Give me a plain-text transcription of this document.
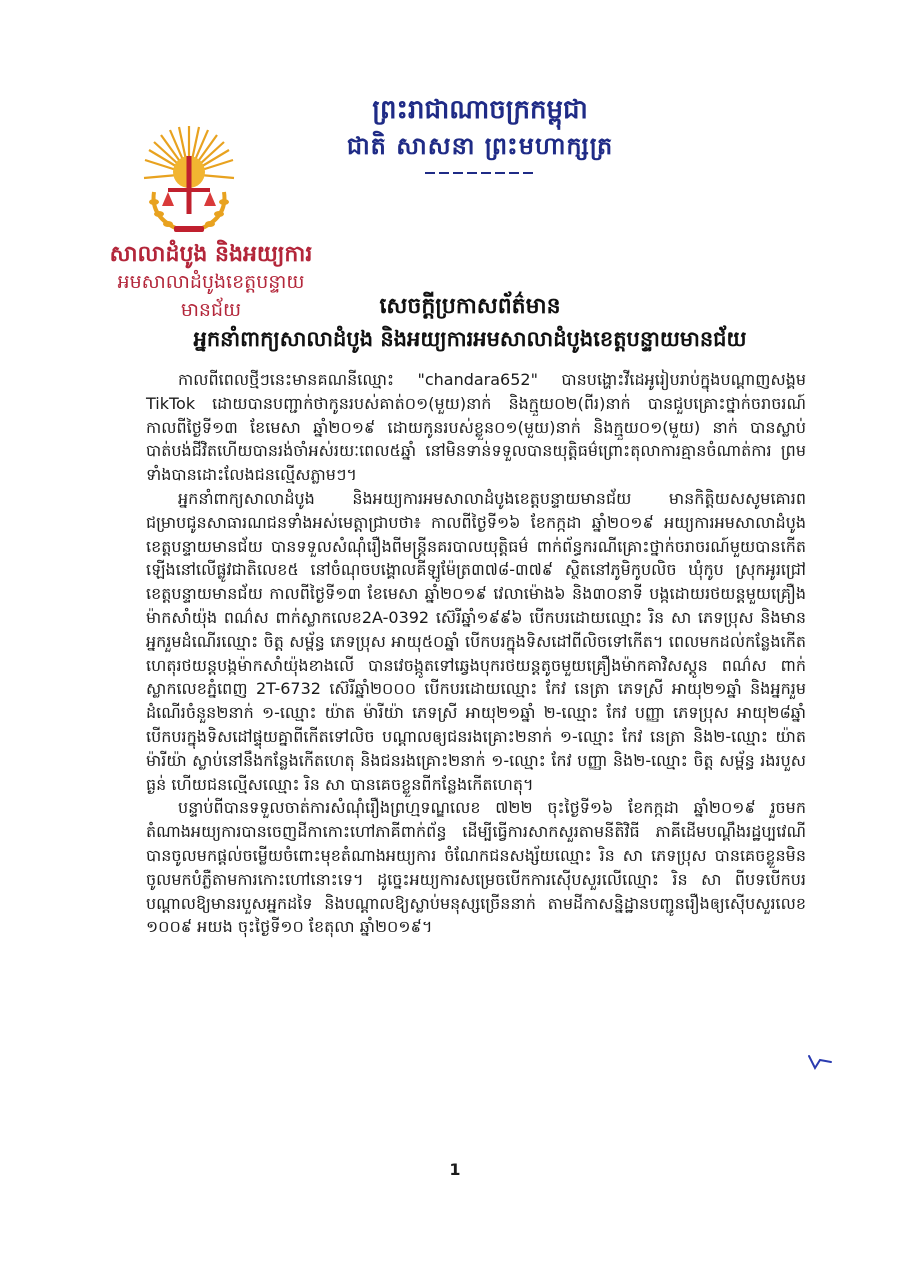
ព្រះរាជាណាចក្រកម្ពុជា
ជាតិ សាសនា ព្រះមហាក្សត្រ
សាលាដំបូង និងអយ្យការ
អមសាលាដំបូងខេត្តបន្ទាយមានជ័យ	សេចក្តីប្រកាសព័ត៌មាន
អ្នកនាំពាក្យសាលាដំបូង និងអយ្យការអមសាលាដំបូងខេត្តបន្ទាយមានជ័យ

កាលពីពេលថ្មីៗនេះមានគណនីឈ្មោះ "chandara652" បានបង្ហោះវីដេអូរៀបរាប់ក្នុងបណ្តាញសង្គម TikTok ដោយបានបញ្ជាក់ថាកូនរបស់គាត់០១(មួយ)នាក់ និងក្មួយ០២(ពីរ)នាក់ បានជួបគ្រោះថ្នាក់ចរាចរណ៍កាលពីថ្ងៃទី១៣ ខែមេសា ឆ្នាំ២០១៩ ដោយកូនរបស់ខ្លួន០១(មួយ)នាក់ និងក្មួយ០១(មួយ) នាក់ បានស្លាប់បាត់បង់ជីវិតហើយបានរង់ចាំអស់រយៈពេល៥ឆ្នាំ នៅមិនទាន់ទទួលបានយុត្តិធម៌ព្រោះតុលាការគ្មានចំណាត់ការ ព្រមទាំងបានដោះលែងជនល្មើសភ្លាមៗ។

អ្នកនាំពាក្យសាលាដំបូង និងអយ្យការអមសាលាដំបូងខេត្តបន្ទាយមានជ័យ មានកិត្តិយសសូមគោរពជម្រាបជូនសាធារណជនទាំងអស់មេត្តាជ្រាបថា៖ កាលពីថ្ងៃទី១៦ ខែកក្កដា ឆ្នាំ២០១៩ អយ្យការអមសាលាដំបូងខេត្តបន្ទាយមានជ័យ បានទទួលសំណុំរឿងពីមន្ត្រីនគរបាលយុត្តិធម៌ ពាក់ព័ន្ធករណីគ្រោះថ្នាក់ចរាចរណ៍មួយបានកើតឡើងនៅលើផ្លូវជាតិលេខ៥ នៅចំណុចបង្គោលគីឡូម៉ែត្រ៣៧៨-៣៧៩ ស្ថិតនៅភូមិកូបលិច ឃុំកូប ស្រុកអូរជ្រៅ ខេត្តបន្ទាយមានជ័យ កាលពីថ្ងៃទី១៣ ខែមេសា ឆ្នាំ២០១៩ វេលាម៉ោង៦ និង៣០នាទី បង្កដោយរថយន្តមួយគ្រឿង ម៉ាកសាំយ៉ុង ពណ៌ស ពាក់ស្លាកលេខ2A-0392 ស៊េរីឆ្នាំ១៩៩៦ បើកបរដោយឈ្មោះ រិន សា ភេទប្រុស និងមានអ្នករួមដំណើរឈ្មោះ ចិត្ត សម្ព័ន្ធ ភេទប្រុស អាយុ៥០ឆ្នាំ បើកបរក្នុងទិសដៅពីលិចទៅកើត។ ពេលមកដល់កន្លែងកើតហេតុរថយន្តបង្កម៉ាកសាំយ៉ុងខាងលើ បានវេចង្កូតទៅឆ្វេងបុករថយន្តតូចមួយគ្រឿងម៉ាកគាវិសស្តូន ពណ៌ស ពាក់ស្លាកលេខភ្នំពេញ 2T-6732 ស៊េរីឆ្នាំ២០០០ បើកបរដោយឈ្មោះ កែវ នេត្រា ភេទស្រី អាយុ២១ឆ្នាំ និងអ្នករួមដំណើរចំនួន២នាក់ ១-ឈ្មោះ យ៉ាត ម៉ារីយ៉ា ភេទស្រី អាយុ២១ឆ្នាំ ២-ឈ្មោះ កែវ បញ្ញា ភេទប្រុស អាយុ២៨ឆ្នាំ បើកបរក្នុងទិសដៅផ្ទុយគ្នាពីកើតទៅលិច បណ្តាលឲ្យជនរងគ្រោះ២នាក់ ១-ឈ្មោះ កែវ នេត្រា និង២-ឈ្មោះ យ៉ាត ម៉ារីយ៉ា ស្លាប់នៅនឹងកន្លែងកើតហេតុ និងជនរងគ្រោះ២នាក់ ១-ឈ្មោះ កែវ បញ្ញា និង២-ឈ្មោះ ចិត្ត សម្ព័ន្ធ រងរបួសធ្ងន់ ហើយជនល្មើសឈ្មោះ រិន សា បានគេចខ្លួនពីកន្លែងកើតហេតុ។

បន្ទាប់ពីបានទទួលចាត់ការសំណុំរឿងព្រហ្មទណ្ឌលេខ ៧២២ ចុះថ្ងៃទី១៦ ខែកក្កដា ឆ្នាំ២០១៩ រួចមក តំណាងអយ្យការបានចេញដីកាកោះហៅភាគីពាក់ព័ន្ធ ដើម្បីធ្វើការសាកសួរតាមនីតិវិធី ភាគីដើមបណ្តឹងរដ្ឋប្បវេណីបានចូលមកផ្តល់ចម្លើយចំពោះមុខតំណាងអយ្យការ ចំណែកជនសង្ស័យឈ្មោះ រិន សា ភេទប្រុស បានគេចខ្លួនមិនចូលមកបំភ្លឺតាមការកោះហៅនោះទេ។ ដូច្នេះអយ្យការសម្រេចបើកការស៊ើបសួរលើឈ្មោះ រិន សា ពីបទបើកបរបណ្តាលឱ្យមានរបួសអ្នកដទៃ និងបណ្តាលឱ្យស្លាប់មនុស្សច្រើននាក់ តាមដីកាសន្និដ្ឋានបញ្ជូនរឿងឲ្យស៊ើបសួរលេខ ១០០៩ អយង ចុះថ្ងៃទី១០ ខែតុលា ឆ្នាំ២០១៩។

1
